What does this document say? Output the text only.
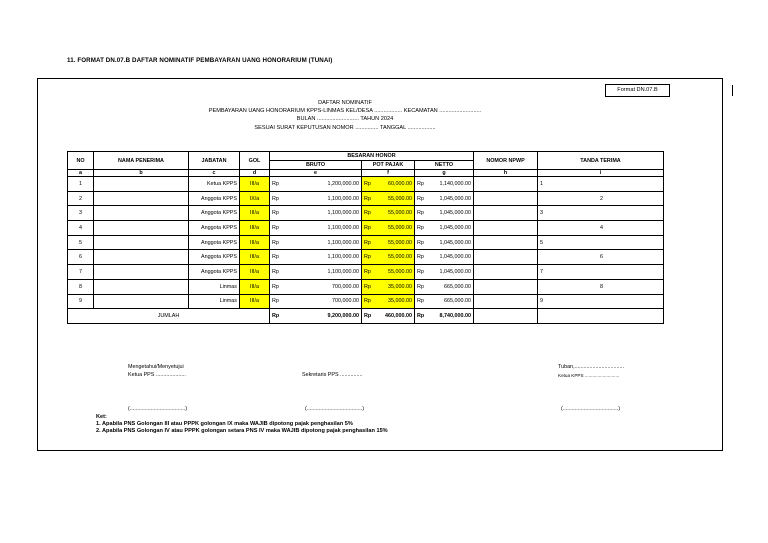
11. FORMAT DN.07.B DAFTAR NOMINATIF PEMBAYARAN UANG HONORARIUM (TUNAI)
Format DN.07.B
DAFTAR NOMINATIF
PEMBAYARAN UANG HONORARIUM KPPS-LINMAS KEL/DESA .................. KECAMATAN ...........................
BULAN ........................... TAHUN 2024
SESUAI SURAT KEPUTUSAN NOMOR ............... TANGGAL ..................
NO	NAMA PENERIMA	JABATAN	GOL	BESARAN HONOR			NOMOR NPWP	TANDA TERIMA
				BRUTO	POT PAJAK	NETTO		
a	b	c	d	e	f	g	h	i
1		Ketua KPPS	III/a	Rp 1,200,000.00	Rp 60,000.00	Rp 1,140,000.00		1
2		Anggota KPPS	IX/a	Rp 1,100,000.00	Rp 55,000.00	Rp 1,045,000.00		2
3		Anggota KPPS	III/a	Rp 1,100,000.00	Rp 55,000.00	Rp 1,045,000.00		3
4		Anggota KPPS	III/a	Rp 1,100,000.00	Rp 55,000.00	Rp 1,045,000.00		4
5		Anggota KPPS	III/a	Rp 1,100,000.00	Rp 55,000.00	Rp 1,045,000.00		5
6		Anggota KPPS	III/a	Rp 1,100,000.00	Rp 55,000.00	Rp 1,045,000.00		6
7		Anggota KPPS	III/a	Rp 1,100,000.00	Rp 55,000.00	Rp 1,045,000.00		7
8		Linmas	III/a	Rp 700,000.00	Rp 35,000.00	Rp 665,000.00		8
9		Linmas	III/a	Rp 700,000.00	Rp 35,000.00	Rp 665,000.00		9
JUMLAH				Rp 9,200,000.00	Rp 460,000.00	Rp 8,740,000.00		

Mengetahui/Menyetujui
Ketua PPS ....................
(.....................................)
Sekretaris PPS ...............
(.....................................)
Tuban,.................................
Ketua KPPS ...........................
(.....................................)
Ket:
1. Apabila PNS Golongan III atau PPPK golongan IX maka WAJIB dipotong pajak penghasilan 5%
2. Apabila PNS Golongan IV atau PPPK golongan setara PNS IV maka WAJIB dipotong pajak penghasilan 15%
